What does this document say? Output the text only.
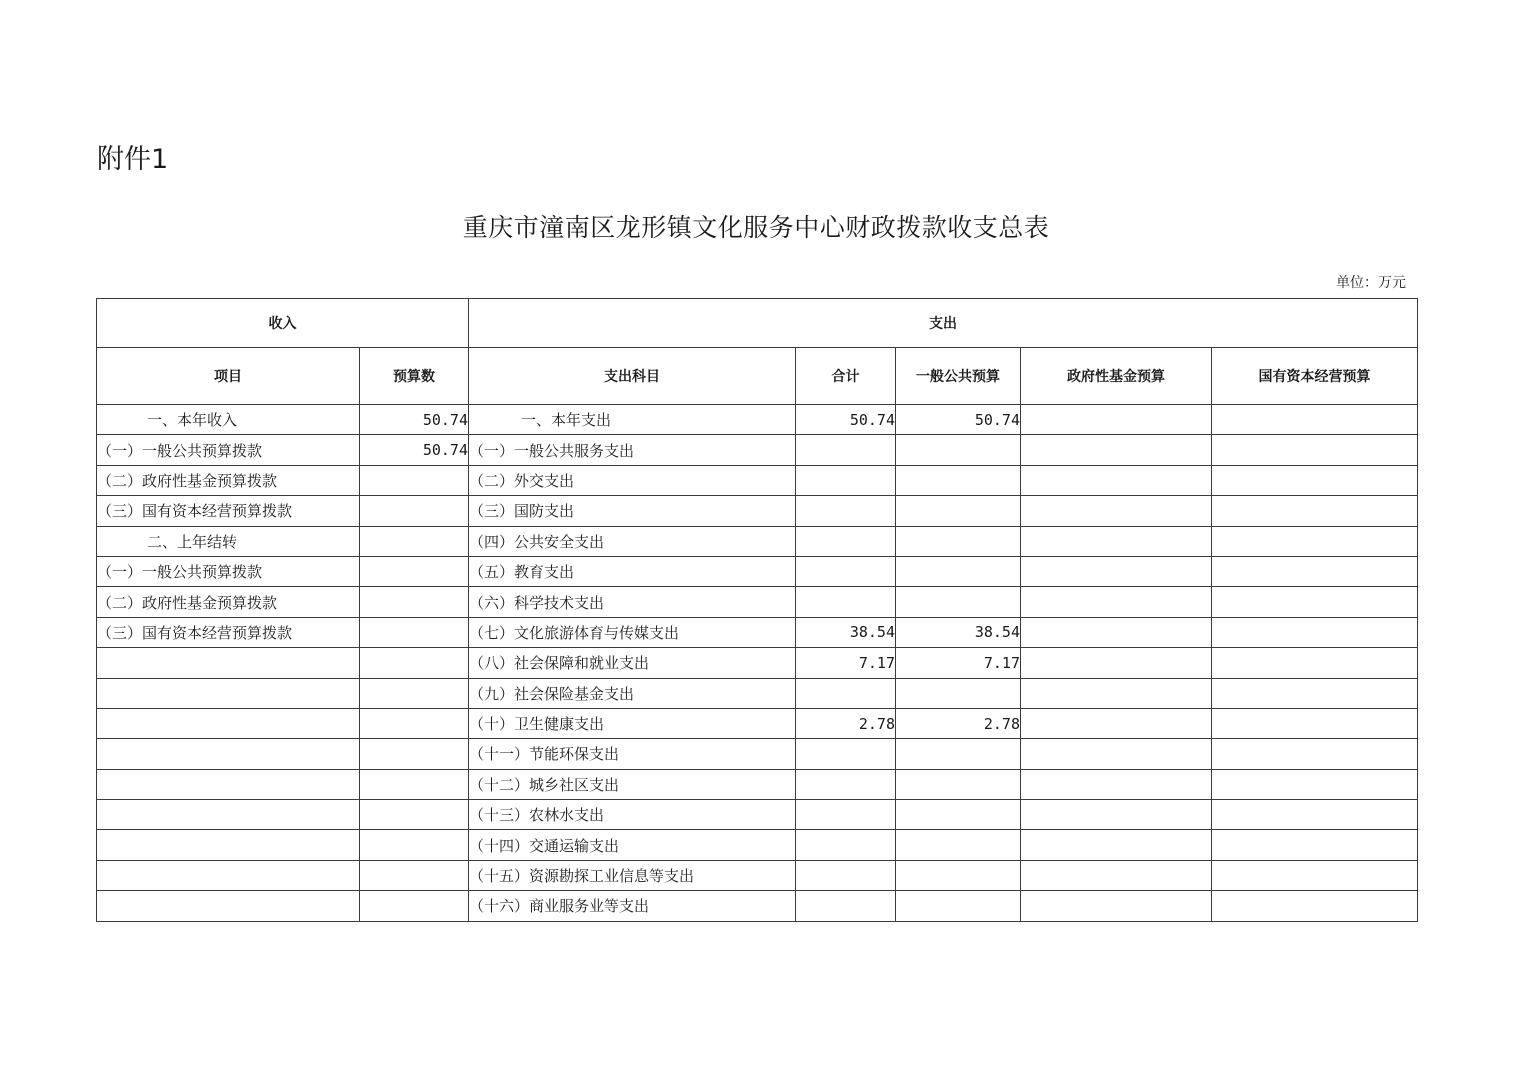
附件1
重庆市潼南区龙形镇文化服务中心财政拨款收支总表
单位：万元
收入		支出				
项目	预算数	支出科目	合计	一般公共预算	政府性基金预算	国有资本经营预算
一、本年收入	50.74	一、本年支出	50.74	50.74		
（一）一般公共预算拨款	50.74	（一）一般公共服务支出				
（二）政府性基金预算拨款		（二）外交支出				
（三）国有资本经营预算拨款		（三）国防支出				
二、上年结转		（四）公共安全支出				
（一）一般公共预算拨款		（五）教育支出				
（二）政府性基金预算拨款		（六）科学技术支出				
（三）国有资本经营预算拨款		（七）文化旅游体育与传媒支出	38.54	38.54		
		（八）社会保障和就业支出	7.17	7.17		
		（九）社会保险基金支出				
		（十）卫生健康支出	2.78	2.78		
		（十一）节能环保支出				
		（十二）城乡社区支出				
		（十三）农林水支出				
		（十四）交通运输支出				
		（十五）资源勘探工业信息等支出				
		（十六）商业服务业等支出				
